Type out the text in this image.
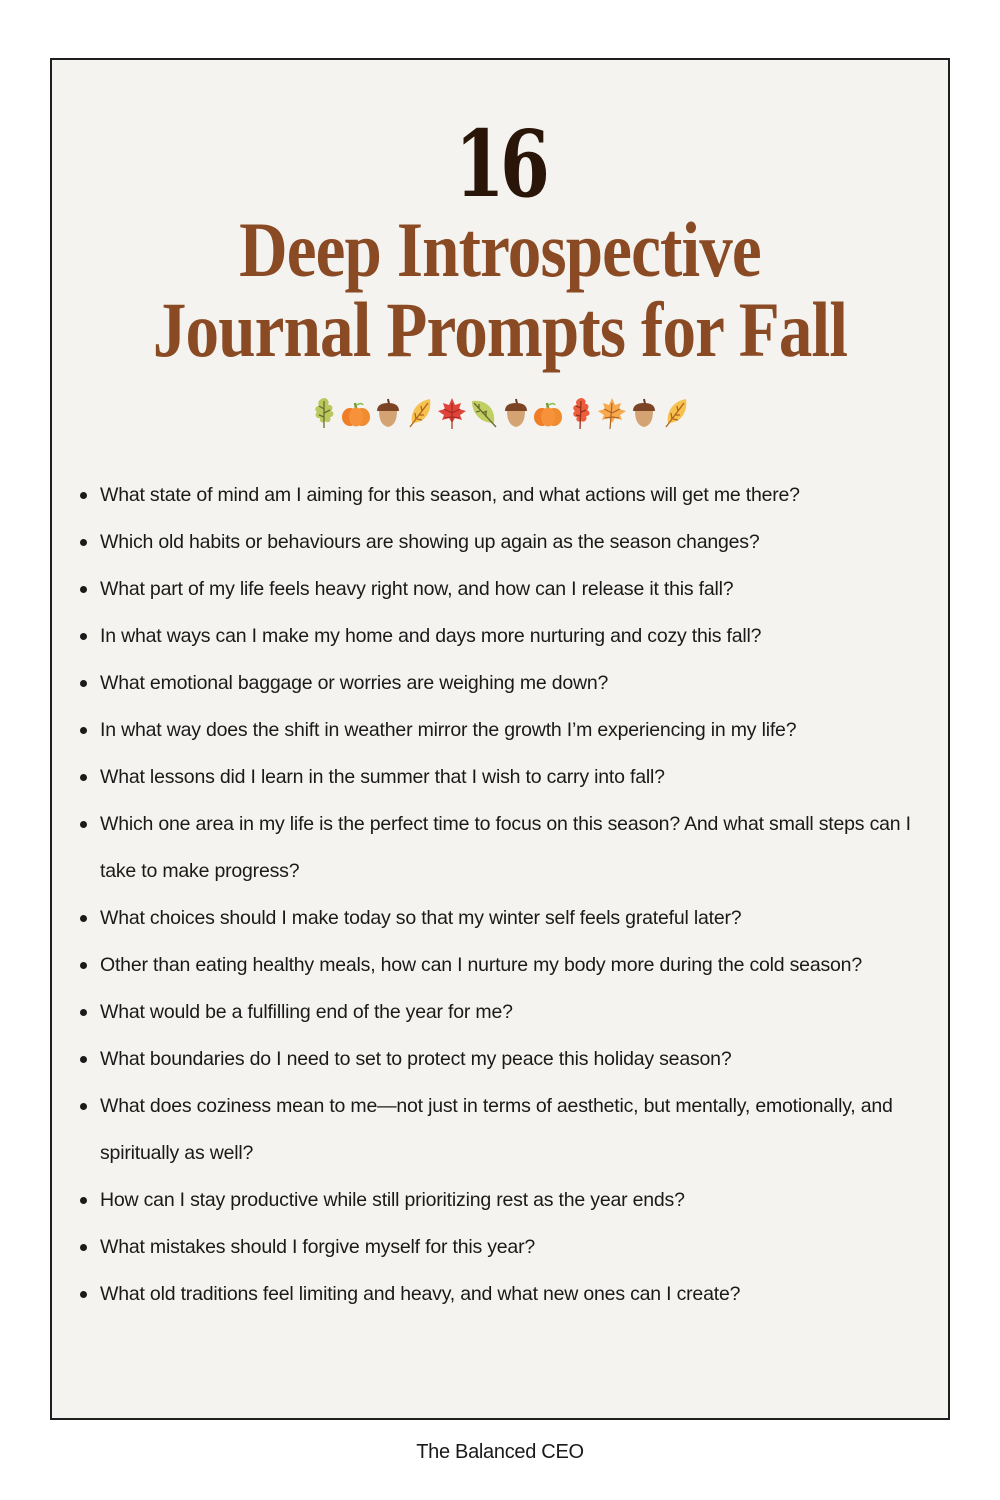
16
Deep Introspective
Journal Prompts for Fall
What state of mind am I aiming for this season, and what actions will get me there?
Which old habits or behaviours are showing up again as the season changes?
What part of my life feels heavy right now, and how can I release it this fall?
In what ways can I make my home and days more nurturing and cozy this fall?
What emotional baggage or worries are weighing me down?
In what way does the shift in weather mirror the growth I’m experiencing in my life?
What lessons did I learn in the summer that I wish to carry into fall?
Which one area in my life is the perfect time to focus on this season? And what small steps can I take to make progress?
What choices should I make today so that my winter self feels grateful later?
Other than eating healthy meals, how can I nurture my body more during the cold season?
What would be a fulfilling end of the year for me?
What boundaries do I need to set to protect my peace this holiday season?
What does coziness mean to me—not just in terms of aesthetic, but mentally, emotionally, and spiritually as well?
How can I stay productive while still prioritizing rest as the year ends?
What mistakes should I forgive myself for this year?
What old traditions feel limiting and heavy, and what new ones can I create?
The Balanced CEO
